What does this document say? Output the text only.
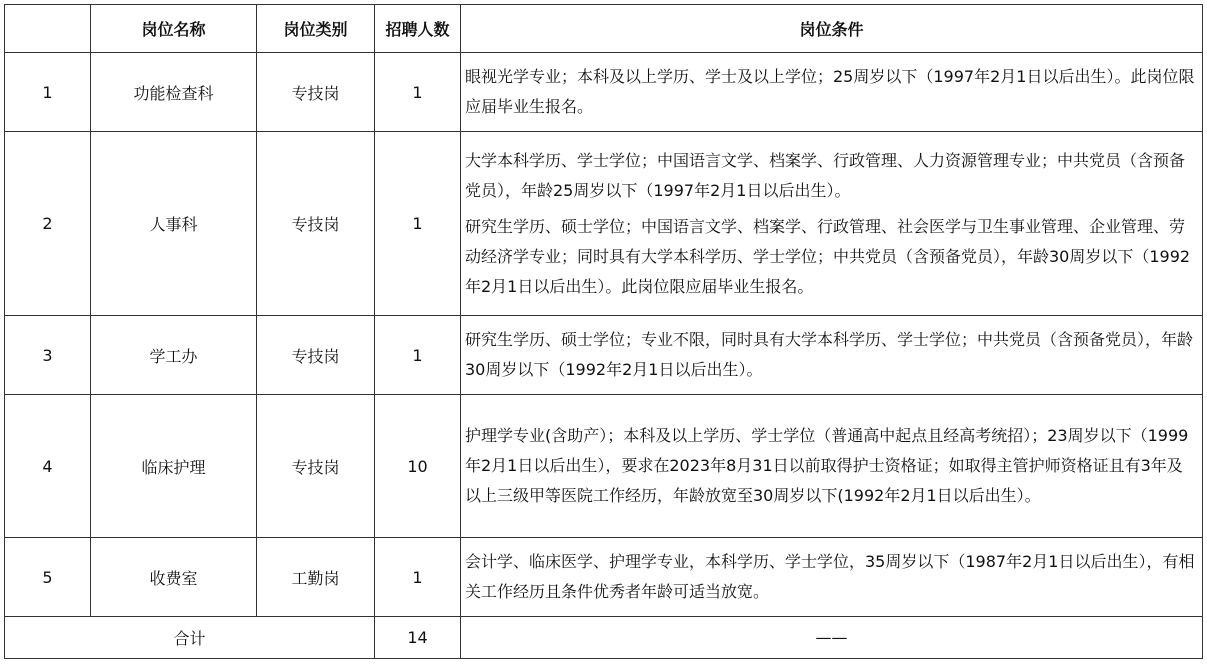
	岗位名称	岗位类别	招聘人数	岗位条件
1	功能检查科	专技岗	1	眼视光学专业；本科及以上学历、学士及以上学位；25周岁以下（1997年2月1日以后出生）。此岗位限应届毕业生报名。

2	人事科	专技岗	1	大学本科学历、学士学位；中国语言文学、档案学、行政管理、人力资源管理专业；中共党员（含预备党员），年龄25周岁以下（1997年2月1日以后出生）。
研究生学历、硕士学位；中国语言文学、档案学、行政管理、社会医学与卫生事业管理、企业管理、劳动经济学专业；同时具有大学本科学历、学士学位；中共党员（含预备党员），年龄30周岁以下（1992年2月1日以后出生）。此岗位限应届毕业生报名。

3	学工办	专技岗	1	研究生学历、硕士学位；专业不限，同时具有大学本科学历、学士学位；中共党员（含预备党员），年龄30周岁以下（1992年2月1日以后出生）。

4	临床护理	专技岗	10	护理学专业(含助产）；本科及以上学历、学士学位（普通高中起点且经高考统招）；23周岁以下（1999年2月1日以后出生），要求在2023年8月31日以前取得护士资格证；如取得主管护师资格证且有3年及以上三级甲等医院工作经历，年龄放宽至30周岁以下(1992年2月1日以后出生）。

5	收费室	工勤岗	1	会计学、临床医学、护理学专业，本科学历、学士学位，35周岁以下（1987年2月1日以后出生），有相关工作经历且条件优秀者年龄可适当放宽。

合计			14	——
